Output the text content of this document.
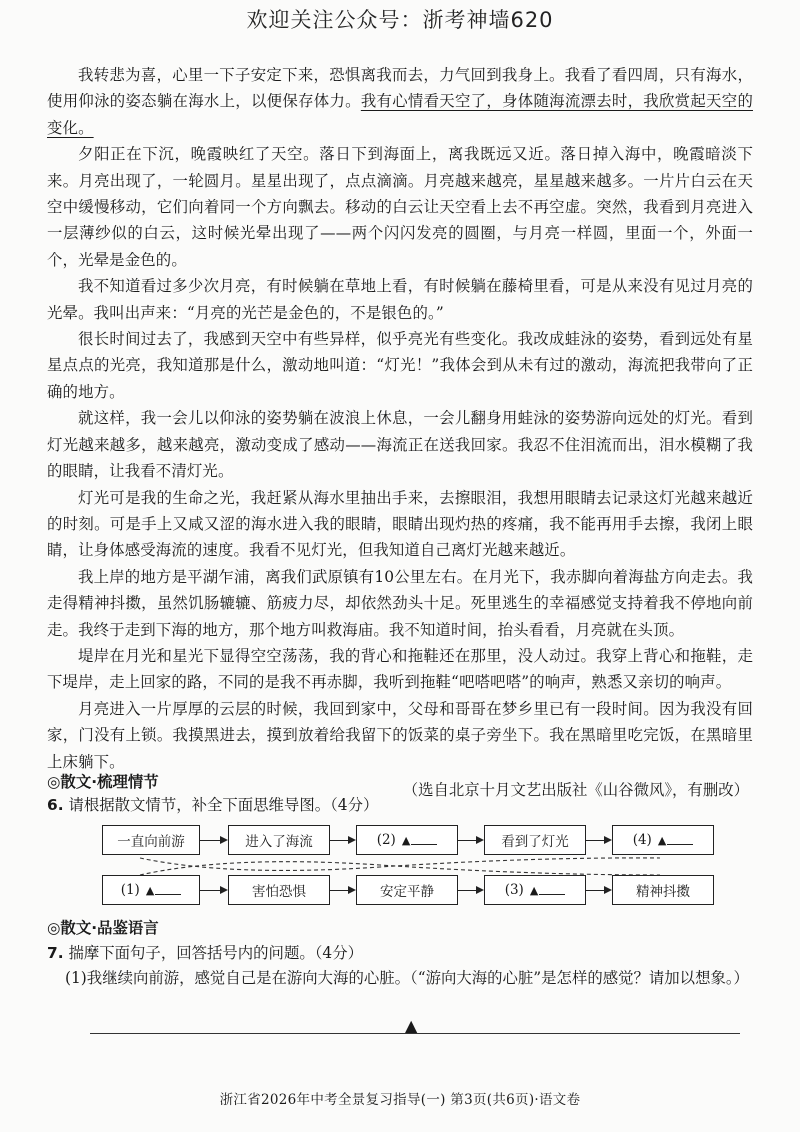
欢迎关注公众号：浙考神墙620

我转悲为喜，心里一下子安定下来，恐惧离我而去，力气回到我身上。我看了看四周，只有海水，使用仰泳的姿态躺在海水上，以便保存体力。我有心情看天空了，身体随海流漂去时，我欣赏起天空的变化。

夕阳正在下沉，晚霞映红了天空。落日下到海面上，离我既远又近。落日掉入海中，晚霞暗淡下来。月亮出现了，一轮圆月。星星出现了，点点滴滴。月亮越来越亮，星星越来越多。一片片白云在天空中缓慢移动，它们向着同一个方向飘去。移动的白云让天空看上去不再空虚。突然，我看到月亮进入一层薄纱似的白云，这时候光晕出现了——两个闪闪发亮的圆圈，与月亮一样圆，里面一个，外面一个，光晕是金色的。

我不知道看过多少次月亮，有时候躺在草地上看，有时候躺在藤椅里看，可是从来没有见过月亮的光晕。我叫出声来：“月亮的光芒是金色的，不是银色的。”

很长时间过去了，我感到天空中有些异样，似乎亮光有些变化。我改成蛙泳的姿势，看到远处有星星点点的光亮，我知道那是什么，激动地叫道：“灯光！”我体会到从未有过的激动，海流把我带向了正确的地方。

就这样，我一会儿以仰泳的姿势躺在波浪上休息，一会儿翻身用蛙泳的姿势游向远处的灯光。看到灯光越来越多，越来越亮，激动变成了感动——海流正在送我回家。我忍不住泪流而出，泪水模糊了我的眼睛，让我看不清灯光。

灯光可是我的生命之光，我赶紧从海水里抽出手来，去擦眼泪，我想用眼睛去记录这灯光越来越近的时刻。可是手上又咸又涩的海水进入我的眼睛，眼睛出现灼热的疼痛，我不能再用手去擦，我闭上眼睛，让身体感受海流的速度。我看不见灯光，但我知道自己离灯光越来越近。

我上岸的地方是平湖乍浦，离我们武原镇有10公里左右。在月光下，我赤脚向着海盐方向走去。我走得精神抖擞，虽然饥肠辘辘、筋疲力尽，却依然劲头十足。死里逃生的幸福感觉支持着我不停地向前走。我终于走到下海的地方，那个地方叫救海庙。我不知道时间，抬头看看，月亮就在头顶。

堤岸在月光和星光下显得空空荡荡，我的背心和拖鞋还在那里，没人动过。我穿上背心和拖鞋，走下堤岸，走上回家的路，不同的是我不再赤脚，我听到拖鞋“吧嗒吧嗒”的响声，熟悉又亲切的响声。

月亮进入一片厚厚的云层的时候，我回到家中，父母和哥哥在梦乡里已有一段时间。因为我没有回家，门没有上锁。我摸黑进去，摸到放着给我留下的饭菜的桌子旁坐下。我在黑暗里吃完饭，在黑暗里上床躺下。

（选自北京十月文艺出版社《山谷微风》，有删改）
◎散文·梳理情节
6. 请根据散文情节，补全下面思维导图。（4分）
一直向前游	进入了海流	(2) ▲	看到了灯光	(4) ▲
(1) ▲	害怕恐惧	安定平静	(3) ▲	精神抖擞
◎散文·品鉴语言
7. 揣摩下面句子，回答括号内的问题。（4分）
(1)我继续向前游，感觉自己是在游向大海的心脏。（“游向大海的心脏”是怎样的感觉？请加以想象。）
▲
浙江省2026年中考全景复习指导(一) 第3页(共6页)·语文卷
